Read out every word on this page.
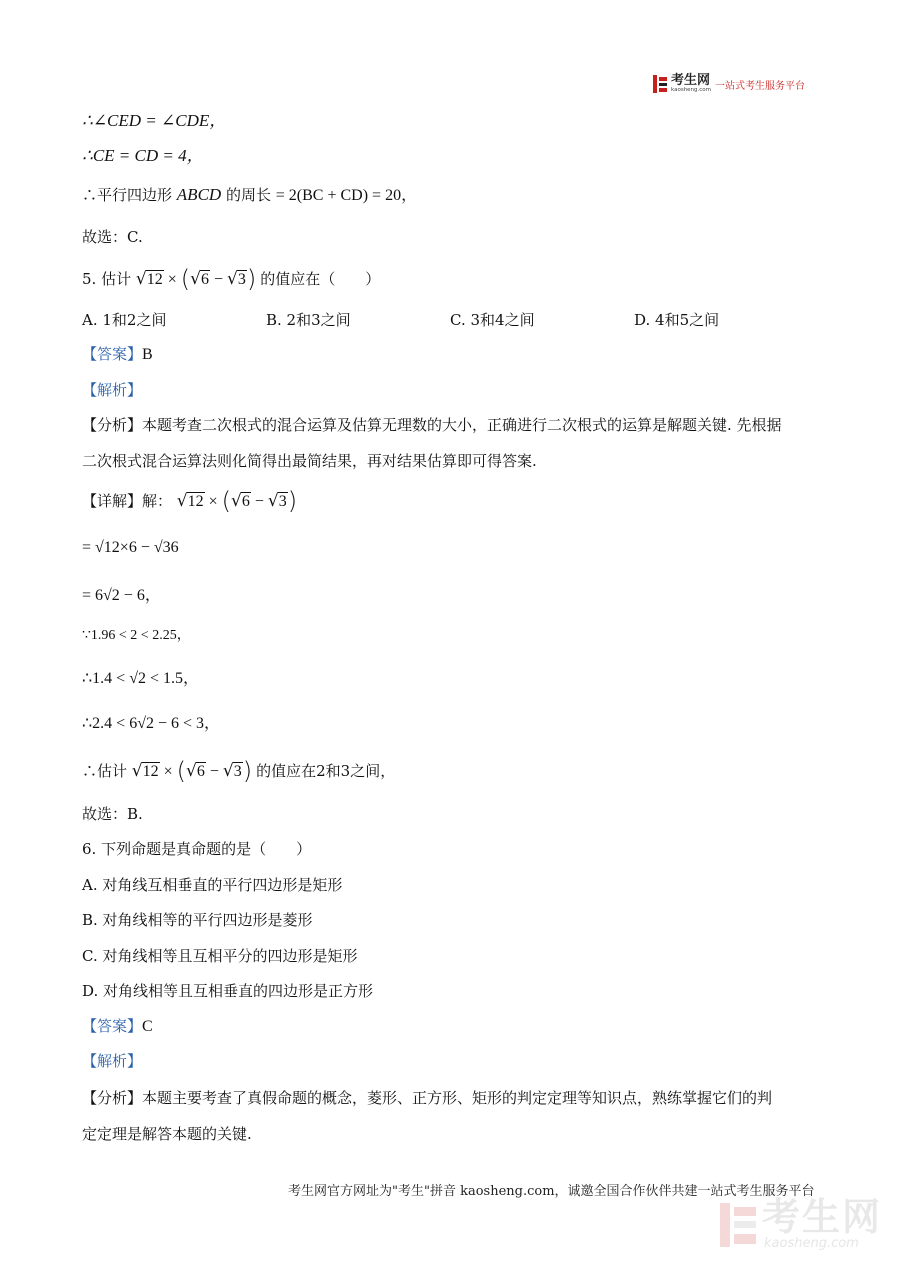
考生网
kaosheng.com 一站式考生服务平台
∴∠CED = ∠CDE，
∴CE = CD = 4，
∴平行四边形 ABCD 的周长 = 2(BC + CD) = 20，
故选：C.
5. 估计 √12 × (√6 − √3) 的值应在（　　）
A. 1和2之间	B. 2和3之间	C. 3和4之间	D. 4和5之间
【答案】B
【解析】
【分析】本题考查二次根式的混合运算及估算无理数的大小，正确进行二次根式的运算是解题关键. 先根据
二次根式混合运算法则化简得出最简结果，再对结果估算即可得答案.
【详解】解： √12 × (√6 − √3)
= √12×6 − √36
= 6√2 − 6，
∵1.96 < 2 < 2.25，
∴1.4 < √2 < 1.5，
∴2.4 < 6√2 − 6 < 3，
∴估计 √12 × (√6 − √3) 的值应在2和3之间，
故选：B.
6. 下列命题是真命题的是（　　）
A. 对角线互相垂直的平行四边形是矩形
B. 对角线相等的平行四边形是菱形
C. 对角线相等且互相平分的四边形是矩形
D. 对角线相等且互相垂直的四边形是正方形
【答案】C
【解析】
【分析】本题主要考查了真假命题的概念，菱形、正方形、矩形的判定定理等知识点，熟练掌握它们的判
定定理是解答本题的关键.
考生网官方网址为"考生"拼音 kaosheng.com，诚邀全国合作伙伴共建一站式考生服务平台
考生网
kaosheng.com
